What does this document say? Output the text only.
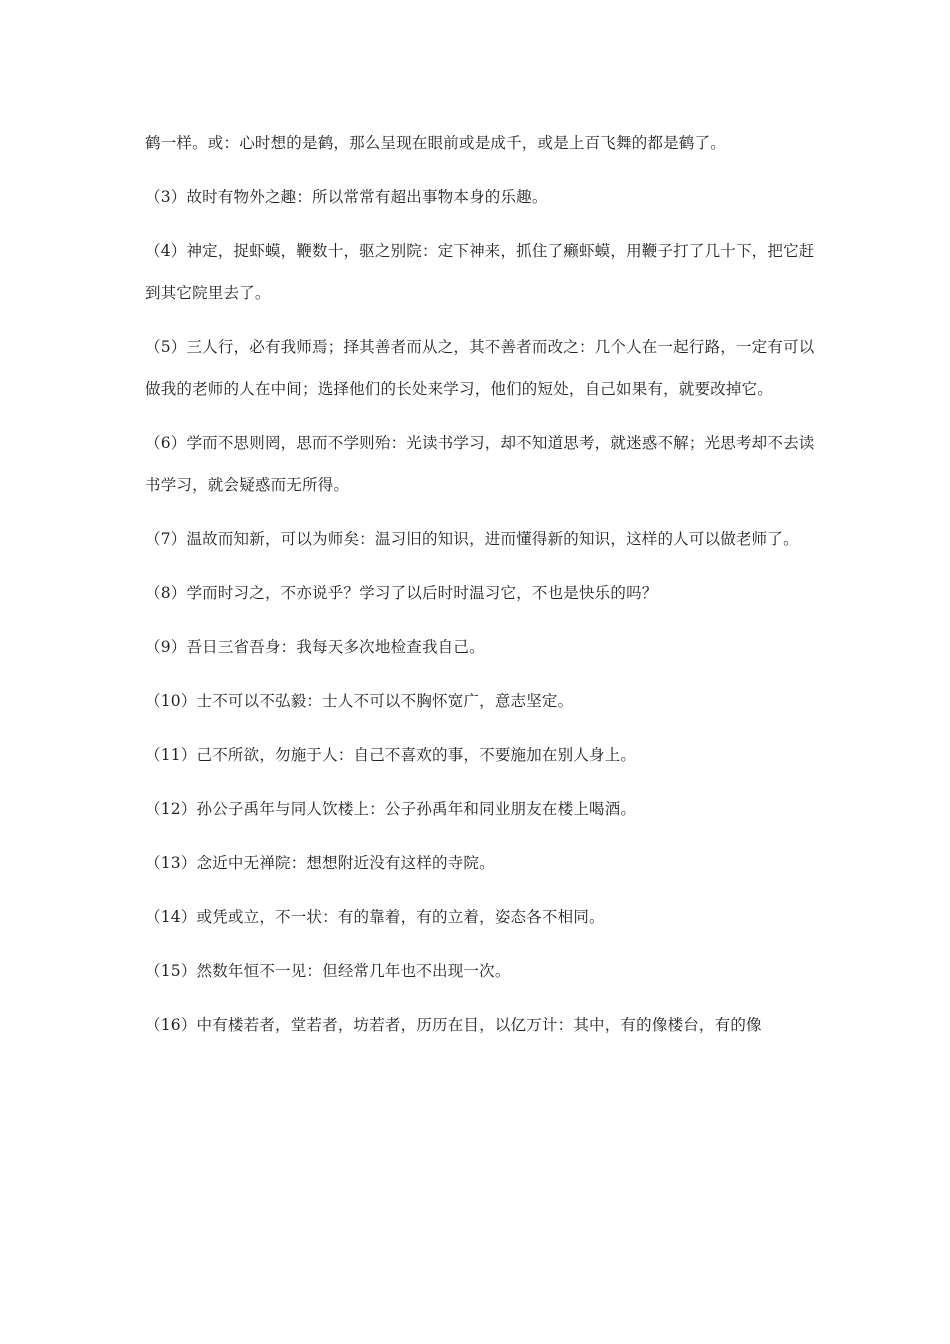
鹤一样。或：心时想的是鹤，那么呈现在眼前或是成千，或是上百飞舞的都是鹤了。

（3）故时有物外之趣：所以常常有超出事物本身的乐趣。

（4）神定，捉虾蟆，鞭数十，驱之别院：定下神来，抓住了癞虾蟆，用鞭子打了几十下，把它赶到其它院里去了。

（5）三人行，必有我师焉；择其善者而从之，其不善者而改之：几个人在一起行路，一定有可以做我的老师的人在中间；选择他们的长处来学习，他们的短处，自己如果有，就要改掉它。

（6）学而不思则罔，思而不学则殆：光读书学习，却不知道思考，就迷惑不解；光思考却不去读书学习，就会疑惑而无所得。

（7）温故而知新，可以为师矣：温习旧的知识，进而懂得新的知识，这样的人可以做老师了。

（8）学而时习之，不亦说乎？学习了以后时时温习它，不也是快乐的吗？

（9）吾日三省吾身：我每天多次地检查我自己。

（10）士不可以不弘毅：士人不可以不胸怀宽广，意志坚定。

（11）己不所欲，勿施于人：自己不喜欢的事，不要施加在别人身上。

（12）孙公子禹年与同人饮楼上：公子孙禹年和同业朋友在楼上喝酒。

（13）念近中无禅院：想想附近没有这样的寺院。

（14）或凭或立，不一状：有的靠着，有的立着，姿态各不相同。

（15）然数年恒不一见：但经常几年也不出现一次。

（16）中有楼若者，堂若者，坊若者，历历在目，以亿万计：其中，有的像楼台，有的像
